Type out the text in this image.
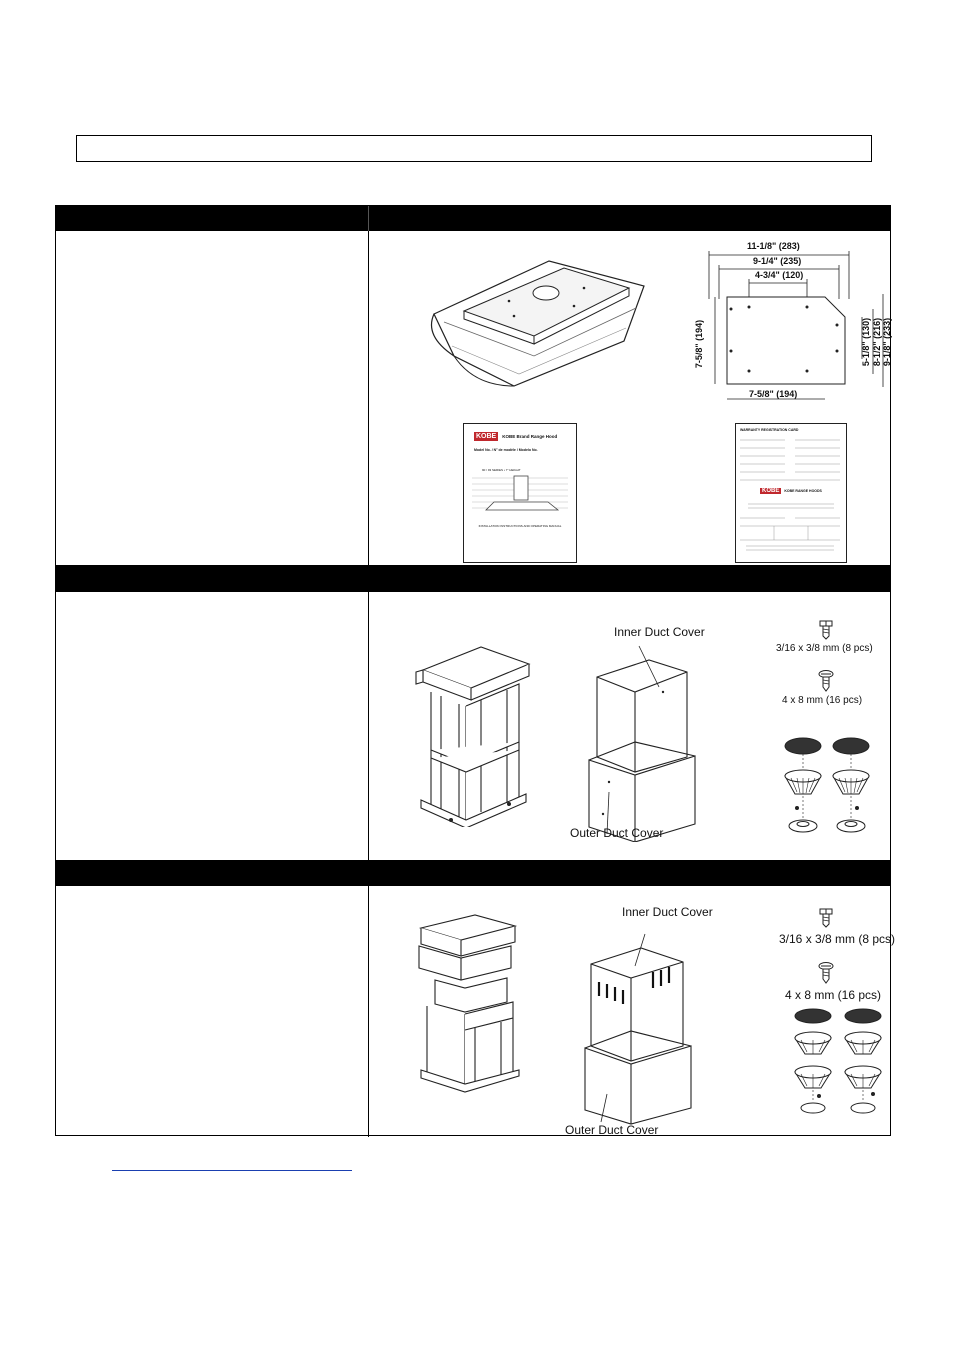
11-1/8" (283)
9-1/4" (235)
4-3/4" (120)
7-5/8" (194)	5-1/8" (130) 8-1/2" (216) 9-1/8" (233)
7-5/8" (194)
KOBE	KOBE Brand Range Hood
Model No. / N° de modèle / Modelo No.
90 / 93 SERIES • 7" HEIGHT
INSTALLATION INSTRUCTIONS AND OPERATING MANUAL
WARRANTY REGISTRATION CARD
KOBE	KOBE RANGE HOODS
Inner Duct Cover
Outer Duct Cover
3/16 x 3/8 mm (8 pcs)
4 x 8 mm (16 pcs)
Inner Duct Cover
Outer Duct Cover
3/16 x 3/8 mm (8 pcs)
4 x 8 mm (16 pcs)
